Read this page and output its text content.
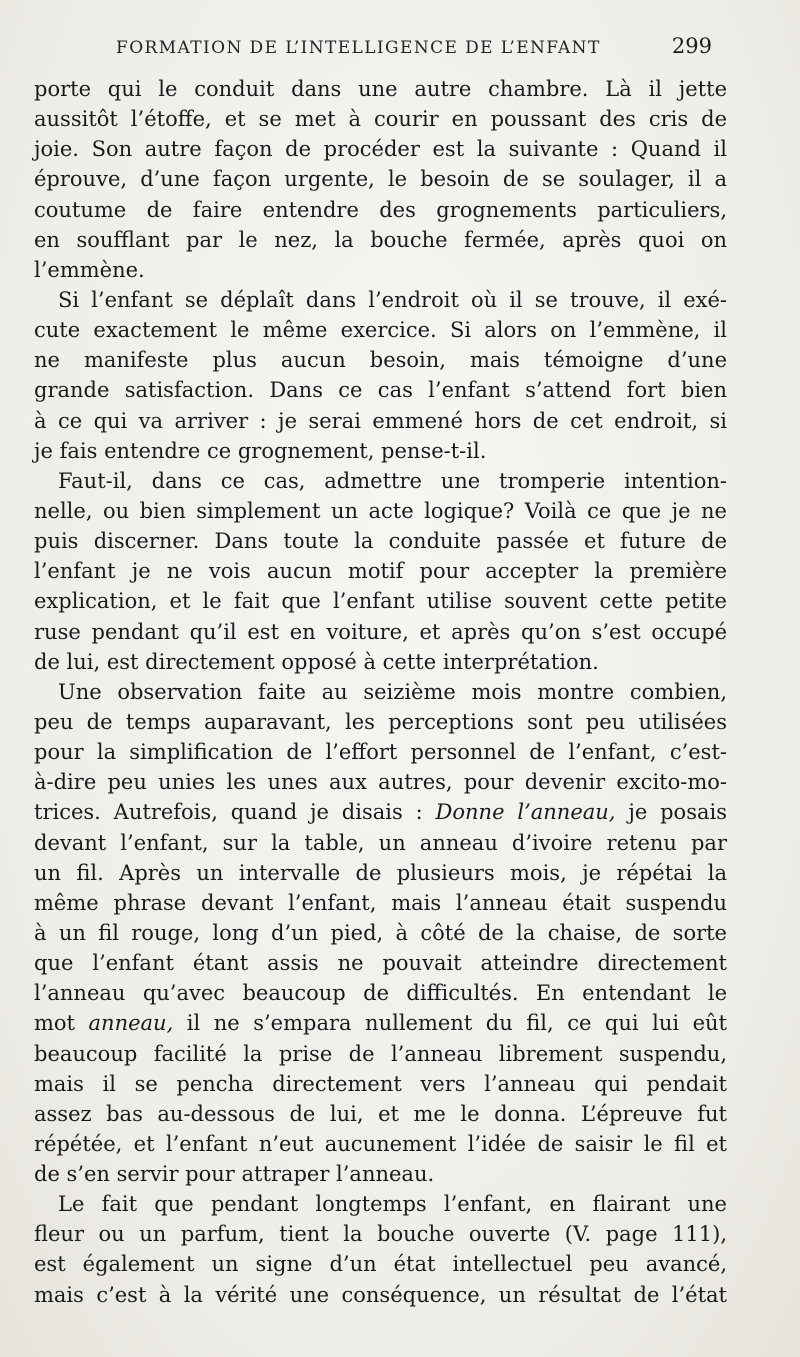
FORMATION DE L’INTELLIGENCE DE L’ENFANT	299
porte qui le conduit dans une autre chambre. Là il jette
aussitôt l’étoffe, et se met à courir en poussant des cris de
joie. Son autre façon de procéder est la suivante : Quand il
éprouve, d’une façon urgente, le besoin de se soulager, il a
coutume de faire entendre des grognements particuliers,
en soufflant par le nez, la bouche fermée, après quoi on
l’emmène.
Si l’enfant se déplaît dans l’endroit où il se trouve, il exé-
cute exactement le même exercice. Si alors on l’emmène, il
ne manifeste plus aucun besoin, mais témoigne d’une
grande satisfaction. Dans ce cas l’enfant s’attend fort bien
à ce qui va arriver : je serai emmené hors de cet endroit, si
je fais entendre ce grognement, pense-t-il.
Faut-il, dans ce cas, admettre une tromperie intention-
nelle, ou bien simplement un acte logique? Voilà ce que je ne
puis discerner. Dans toute la conduite passée et future de
l’enfant je ne vois aucun motif pour accepter la première
explication, et le fait que l’enfant utilise souvent cette petite
ruse pendant qu’il est en voiture, et après qu’on s’est occupé
de lui, est directement opposé à cette interprétation.
Une observation faite au seizième mois montre combien,
peu de temps auparavant, les perceptions sont peu utilisées
pour la simplification de l’effort personnel de l’enfant, c’est-
à-dire peu unies les unes aux autres, pour devenir excito-mo-
trices. Autrefois, quand je disais : Donne l’anneau, je posais
devant l’enfant, sur la table, un anneau d’ivoire retenu par
un fil. Après un intervalle de plusieurs mois, je répétai la
même phrase devant l’enfant, mais l’anneau était suspendu
à un fil rouge, long d’un pied, à côté de la chaise, de sorte
que l’enfant étant assis ne pouvait atteindre directement
l’anneau qu’avec beaucoup de difficultés. En entendant le
mot anneau, il ne s’empara nullement du fil, ce qui lui eût
beaucoup facilité la prise de l’anneau librement suspendu,
mais il se pencha directement vers l’anneau qui pendait
assez bas au-dessous de lui, et me le donna. L’épreuve fut
répétée, et l’enfant n’eut aucunement l’idée de saisir le fil et
de s’en servir pour attraper l’anneau.
Le fait que pendant longtemps l’enfant, en flairant une
fleur ou un parfum, tient la bouche ouverte (V. page 111),
est également un signe d’un état intellectuel peu avancé,
mais c’est à la vérité une conséquence, un résultat de l’état
